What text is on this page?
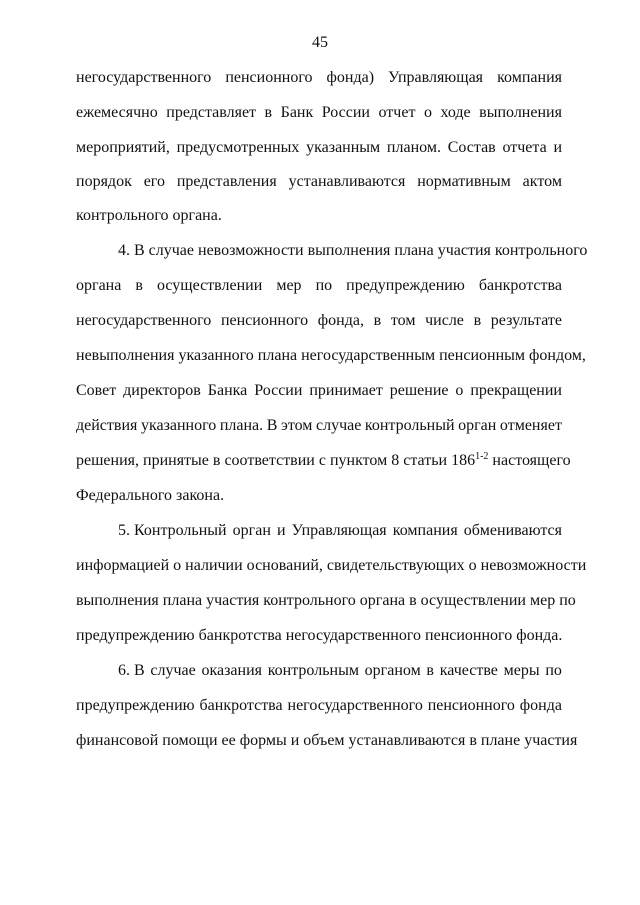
45
негосударственного пенсионного фонда) Управляющая компания
ежемесячно представляет в Банк России отчет о ходе выполнения
мероприятий, предусмотренных указанным планом. Состав отчета и
порядок его представления устанавливаются нормативным актом
контрольного органа.
4. В случае невозможности выполнения плана участия контрольного
органа в осуществлении мер по предупреждению банкротства
негосударственного пенсионного фонда, в том числе в результате
невыполнения указанного плана негосударственным пенсионным фондом,
Совет директоров Банка России принимает решение о прекращении
действия указанного плана. В этом случае контрольный орган отменяет
решения, принятые в соответствии с пунктом 8 статьи 186$^{1-2}$ настоящего
Федерального закона.
5. Контрольный орган и Управляющая компания обмениваются
информацией о наличии оснований, свидетельствующих о невозможности
выполнения плана участия контрольного органа в осуществлении мер по
предупреждению банкротства негосударственного пенсионного фонда.
6. В случае оказания контрольным органом в качестве меры по
предупреждению банкротства негосударственного пенсионного фонда
финансовой помощи ее формы и объем устанавливаются в плане участия
